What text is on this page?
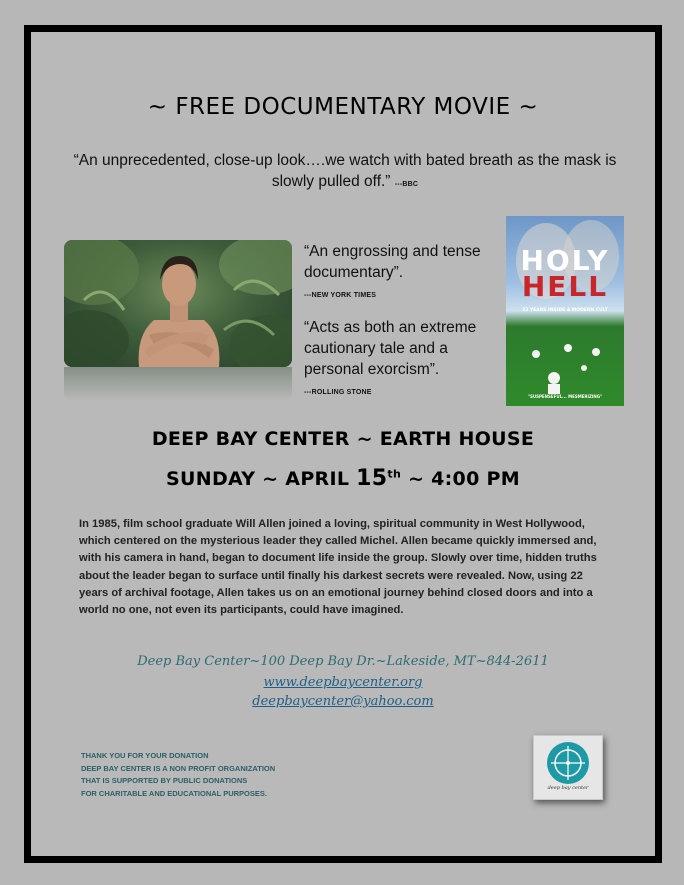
~ FREE DOCUMENTARY MOVIE ~
“An unprecedented, close-up look….we watch with bated breath as the mask is slowly pulled off.” ---BBC
“An engrossing and tense
documentary”.
---NEW YORK TIMES
“Acts as both an extreme
cautionary tale and a
personal exorcism”.
---ROLLING STONE
HOLY
HELL
22 YEARS INSIDE A MODERN CULT
"SUSPENSEFUL... MESMERIZING"
DEEP BAY CENTER ~ EARTH HOUSE
SUNDAY ~ APRIL 15th ~ 4:00 PM
In 1985, film school graduate Will Allen joined a loving, spiritual community in West Hollywood, which centered on the mysterious leader they called Michel. Allen became quickly immersed and, with his camera in hand, began to document life inside the group. Slowly over time, hidden truths about the leader began to surface until finally his darkest secrets were revealed. Now, using 22 years of archival footage, Allen takes us on an emotional journey behind closed doors and into a world no one, not even its participants, could have imagined.
Deep Bay Center~100 Deep Bay Dr.~Lakeside, MT~844-2611
www.deepbaycenter.org
deepbaycenter@yahoo.com
THANK YOU FOR YOUR DONATION
DEEP BAY CENTER IS A NON PROFIT ORGANIZATION
THAT IS SUPPORTED BY PUBLIC DONATIONS
FOR CHARITABLE AND EDUCATIONAL PURPOSES.
deep bay center
